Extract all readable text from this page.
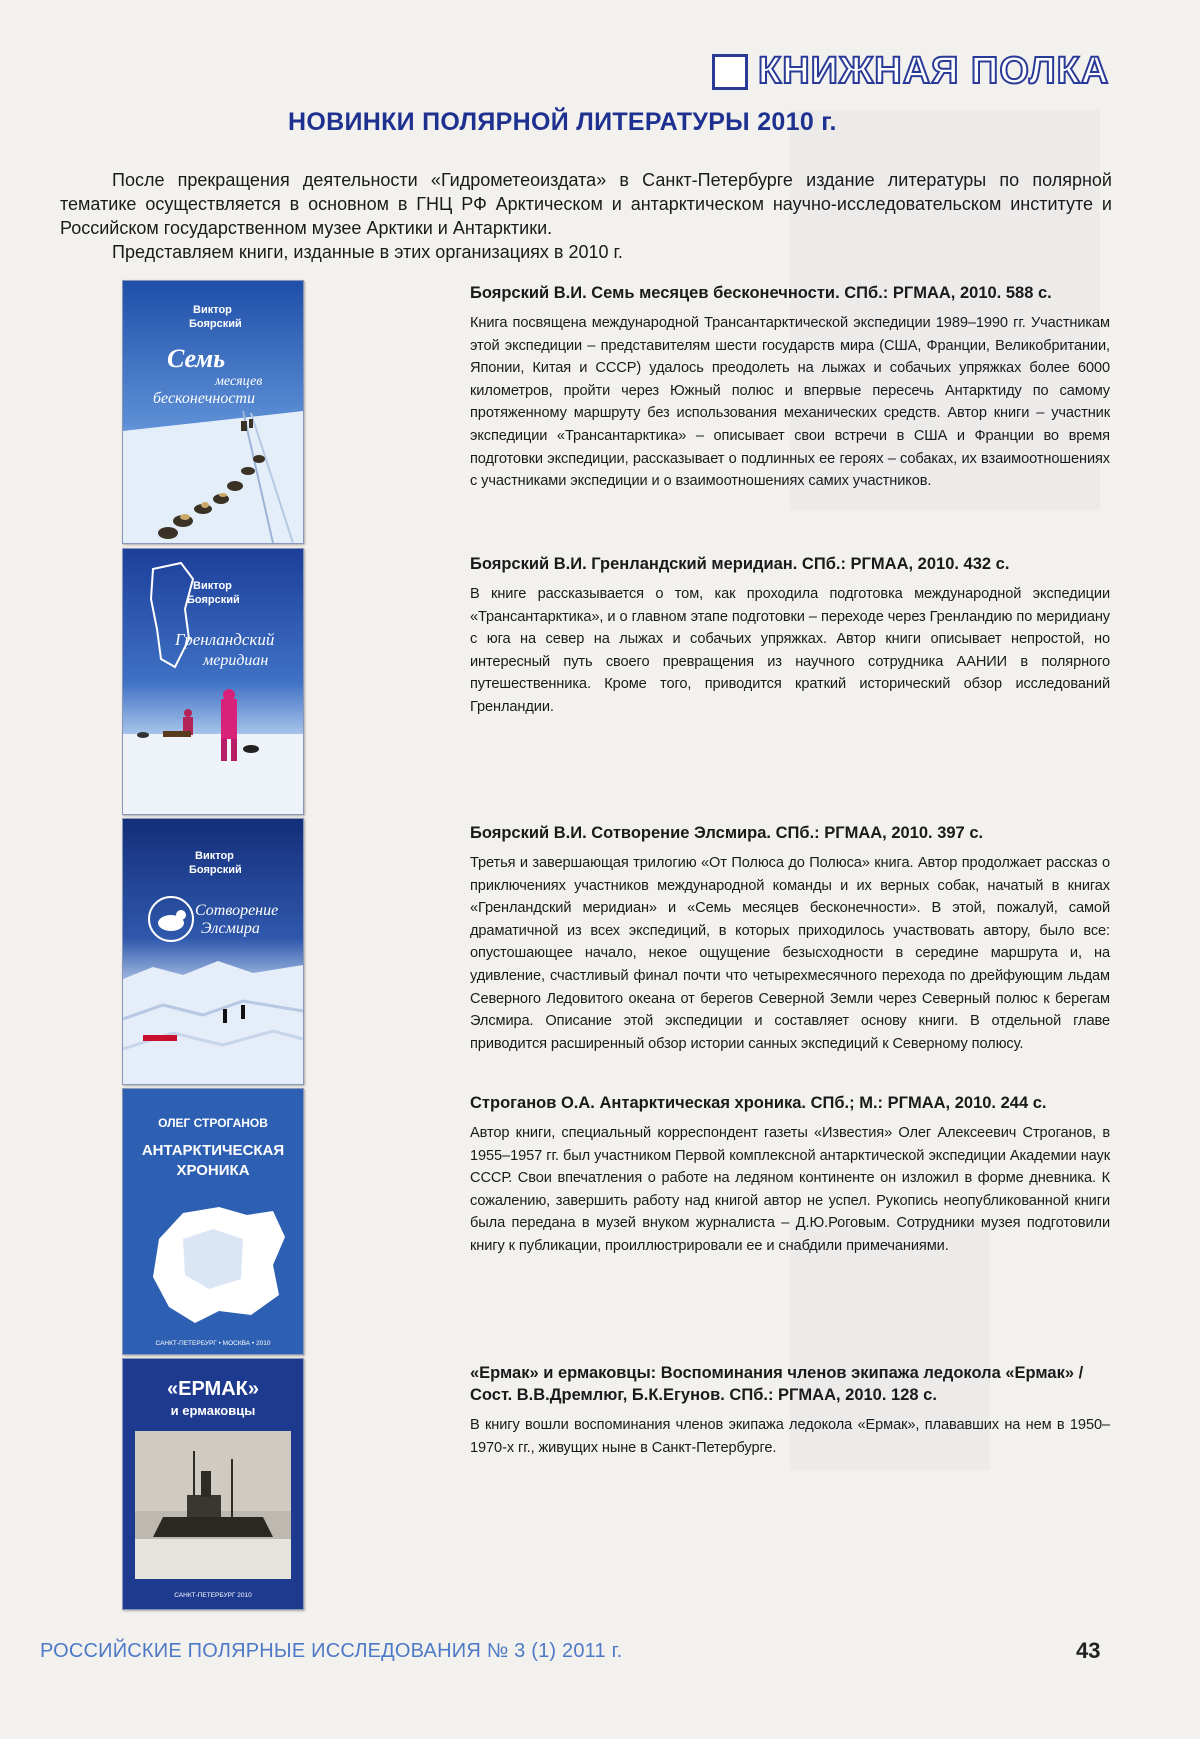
КНИЖНАЯ ПОЛКА
НОВИНКИ ПОЛЯРНОЙ ЛИТЕРАТУРЫ 2010 г.

После прекращения деятельности «Гидрометеоиздата» в Санкт-Петербурге издание литературы по полярной тематике осуществляется в основном в ГНЦ РФ Арктическом и антарктическом научно-исследовательском институте и Российском государственном музее Арктики и Антарктики.

Представляем книги, изданные в этих организациях в 2010 г.

Виктор
Боярский
Семь
месяцев
бесконечности
Виктор
Боярский
Гренландский
меридиан
Виктор
Боярский
Сотворение
Элсмира
ОЛЕГ СТРОГАНОВ
АНТАРКТИЧЕСКАЯ
ХРОНИКА
САНКТ-ПЕТЕРБУРГ • МОСКВА • 2010
«ЕРМАК»
и ермаковцы
САНКТ-ПЕТЕРБУРГ 2010
Боярский В.И. Семь месяцев бесконечности. СПб.: РГМАА, 2010. 588 с.

Книга посвящена международной Трансантарктической экспедиции 1989–1990 гг. Участникам этой экспедиции – представителям шести государств мира (США, Франции, Великобритании, Японии, Китая и СССР) удалось преодолеть на лыжах и собачьих упряжках более 6000 километров, пройти через Южный полюс и впервые пересечь Антарктиду по самому протяженному маршруту без использования механических средств. Автор книги – участник экспедиции «Трансантарктика» – описывает свои встречи в США и Франции во время подготовки экспедиции, рассказывает о подлинных ее героях – собаках, их взаимоотношениях с участниками экспедиции и о взаимоотношениях самих участников.

Боярский В.И. Гренландский меридиан. СПб.: РГМАА, 2010. 432 с.

В книге рассказывается о том, как проходила подготовка международной экспедиции «Трансантарктика», и о главном этапе подготовки – переходе через Гренландию по меридиану с юга на север на лыжах и собачьих упряжках. Автор книги описывает непростой, но интересный путь своего превращения из научного сотрудника ААНИИ в полярного путешественника. Кроме того, приводится краткий исторический обзор исследований Гренландии.

Боярский В.И. Сотворение Элсмира. СПб.: РГМАА, 2010. 397 с.

Третья и завершающая трилогию «От Полюса до Полюса» книга. Автор продолжает рассказ о приключениях участников международной команды и их верных собак, начатый в книгах «Гренландский меридиан» и «Семь месяцев бесконечности». В этой, пожалуй, самой драматичной из всех экспедиций, в которых приходилось участвовать автору, было все: опустошающее начало, некое ощущение безысходности в середине маршрута и, на удивление, счастливый финал почти что четырехмесячного перехода по дрейфующим льдам Северного Ледовитого океана от берегов Северной Земли через Северный полюс к берегам Элсмира. Описание этой экспедиции и составляет основу книги. В отдельной главе приводится расширенный обзор истории санных экспедиций к Северному полюсу.

Строганов О.А. Антарктическая хроника. СПб.; М.: РГМАА, 2010. 244 с.

Автор книги, специальный корреспондент газеты «Известия» Олег Алексеевич Строганов, в 1955–1957 гг. был участником Первой комплексной антарктической экспедиции Академии наук СССР. Свои впечатления о работе на ледяном континенте он изложил в форме дневника. К сожалению, завершить работу над книгой автор не успел. Рукопись неопубликованной книги была передана в музей внуком журналиста – Д.Ю.Роговым. Сотрудники музея подготовили книгу к публикации, проиллюстрировали ее и снабдили примечаниями.

«Ермак» и ермаковцы: Воспоминания членов экипажа ледокола «Ермак» / Сост. В.В.Дремлюг, Б.К.Егунов. СПб.: РГМАА, 2010. 128 с.

В книгу вошли воспоминания членов экипажа ледокола «Ермак», плававших на нем в 1950–1970-х гг., живущих ныне в Санкт-Петербурге.

РОССИЙСКИЕ ПОЛЯРНЫЕ ИССЛЕДОВАНИЯ № 3 (1) 2011 г.	43
